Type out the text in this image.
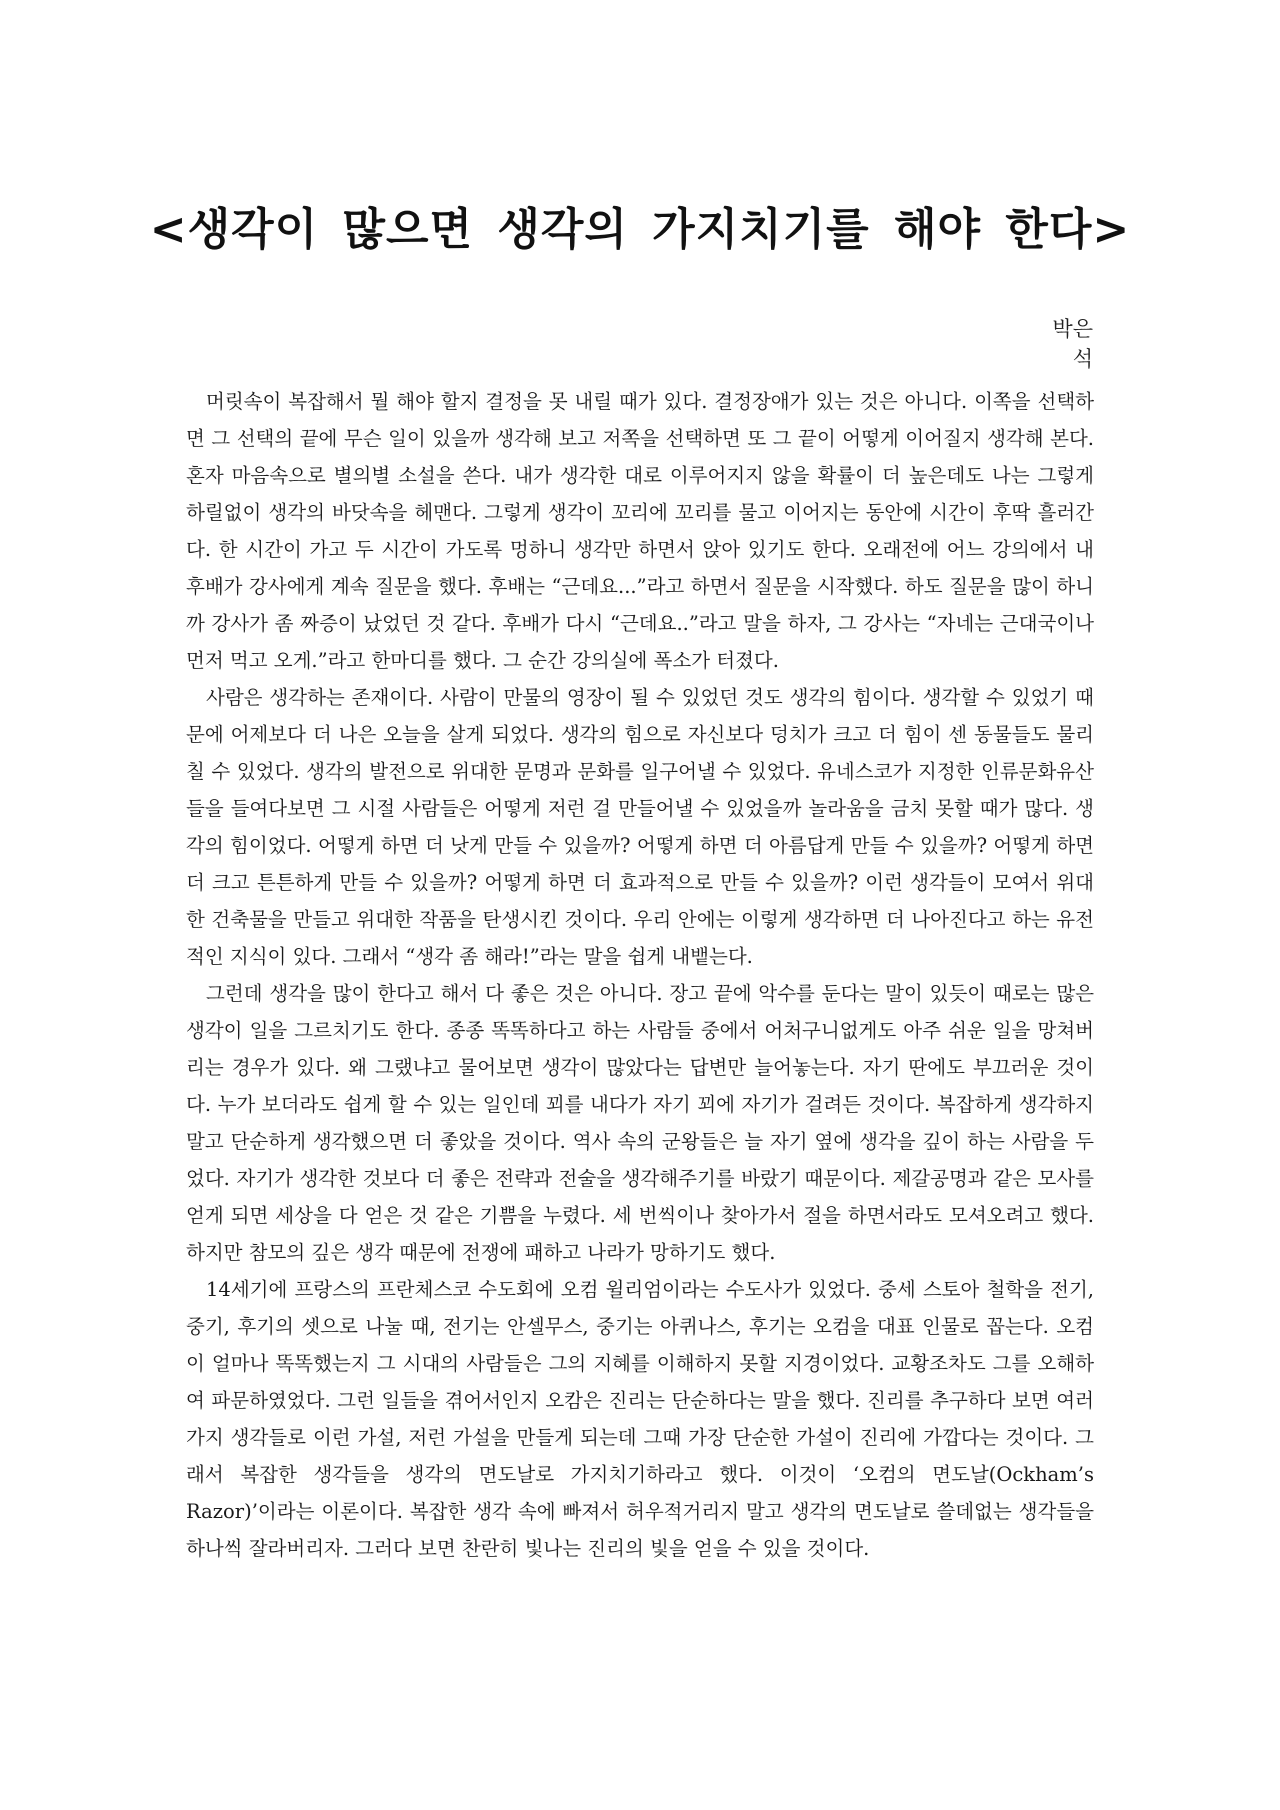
<생각이 많으면 생각의 가지치기를 해야 한다>
박은석

머릿속이 복잡해서 뭘 해야 할지 결정을 못 내릴 때가 있다. 결정장애가 있는 것은 아니다. 이쪽을 선택하면 그 선택의 끝에 무슨 일이 있을까 생각해 보고 저쪽을 선택하면 또 그 끝이 어떻게 이어질지 생각해 본다. 혼자 마음속으로 별의별 소설을 쓴다. 내가 생각한 대로 이루어지지 않을 확률이 더 높은데도 나는 그렇게 하릴없이 생각의 바닷속을 헤맨다. 그렇게 생각이 꼬리에 꼬리를 물고 이어지는 동안에 시간이 후딱 흘러간다. 한 시간이 가고 두 시간이 가도록 멍하니 생각만 하면서 앉아 있기도 한다. 오래전에 어느 강의에서 내 후배가 강사에게 계속 질문을 했다. 후배는 “근데요...”라고 하면서 질문을 시작했다. 하도 질문을 많이 하니까 강사가 좀 짜증이 났었던 것 같다. 후배가 다시 “근데요..”라고 말을 하자, 그 강사는 “자네는 근대국이나 먼저 먹고 오게.”라고 한마디를 했다. 그 순간 강의실에 폭소가 터졌다.

사람은 생각하는 존재이다. 사람이 만물의 영장이 될 수 있었던 것도 생각의 힘이다. 생각할 수 있었기 때문에 어제보다 더 나은 오늘을 살게 되었다. 생각의 힘으로 자신보다 덩치가 크고 더 힘이 센 동물들도 물리칠 수 있었다. 생각의 발전으로 위대한 문명과 문화를 일구어낼 수 있었다. 유네스코가 지정한 인류문화유산들을 들여다보면 그 시절 사람들은 어떻게 저런 걸 만들어낼 수 있었을까 놀라움을 금치 못할 때가 많다. 생각의 힘이었다. 어떻게 하면 더 낫게 만들 수 있을까? 어떻게 하면 더 아름답게 만들 수 있을까? 어떻게 하면 더 크고 튼튼하게 만들 수 있을까? 어떻게 하면 더 효과적으로 만들 수 있을까? 이런 생각들이 모여서 위대한 건축물을 만들고 위대한 작품을 탄생시킨 것이다. 우리 안에는 이렇게 생각하면 더 나아진다고 하는 유전적인 지식이 있다. 그래서 “생각 좀 해라!”라는 말을 쉽게 내뱉는다.

그런데 생각을 많이 한다고 해서 다 좋은 것은 아니다. 장고 끝에 악수를 둔다는 말이 있듯이 때로는 많은 생각이 일을 그르치기도 한다. 종종 똑똑하다고 하는 사람들 중에서 어처구니없게도 아주 쉬운 일을 망쳐버리는 경우가 있다. 왜 그랬냐고 물어보면 생각이 많았다는 답변만 늘어놓는다. 자기 딴에도 부끄러운 것이다. 누가 보더라도 쉽게 할 수 있는 일인데 꾀를 내다가 자기 꾀에 자기가 걸려든 것이다. 복잡하게 생각하지 말고 단순하게 생각했으면 더 좋았을 것이다. 역사 속의 군왕들은 늘 자기 옆에 생각을 깊이 하는 사람을 두었다. 자기가 생각한 것보다 더 좋은 전략과 전술을 생각해주기를 바랐기 때문이다. 제갈공명과 같은 모사를 얻게 되면 세상을 다 얻은 것 같은 기쁨을 누렸다. 세 번씩이나 찾아가서 절을 하면서라도 모셔오려고 했다. 하지만 참모의 깊은 생각 때문에 전쟁에 패하고 나라가 망하기도 했다.

14세기에 프랑스의 프란체스코 수도회에 오컴 윌리엄이라는 수도사가 있었다. 중세 스토아 철학을 전기, 중기, 후기의 셋으로 나눌 때, 전기는 안셀무스, 중기는 아퀴나스, 후기는 오컴을 대표 인물로 꼽는다. 오컴이 얼마나 똑똑했는지 그 시대의 사람들은 그의 지혜를 이해하지 못할 지경이었다. 교황조차도 그를 오해하여 파문하였었다. 그런 일들을 겪어서인지 오캄은 진리는 단순하다는 말을 했다. 진리를 추구하다 보면 여러 가지 생각들로 이런 가설, 저런 가설을 만들게 되는데 그때 가장 단순한 가설이 진리에 가깝다는 것이다. 그래서 복잡한 생각들을 생각의 면도날로 가지치기하라고 했다. 이것이 ‘오컴의 면도날(Ockham’s Razor)’이라는 이론이다. 복잡한 생각 속에 빠져서 허우적거리지 말고 생각의 면도날로 쓸데없는 생각들을 하나씩 잘라버리자. 그러다 보면 찬란히 빛나는 진리의 빛을 얻을 수 있을 것이다.
